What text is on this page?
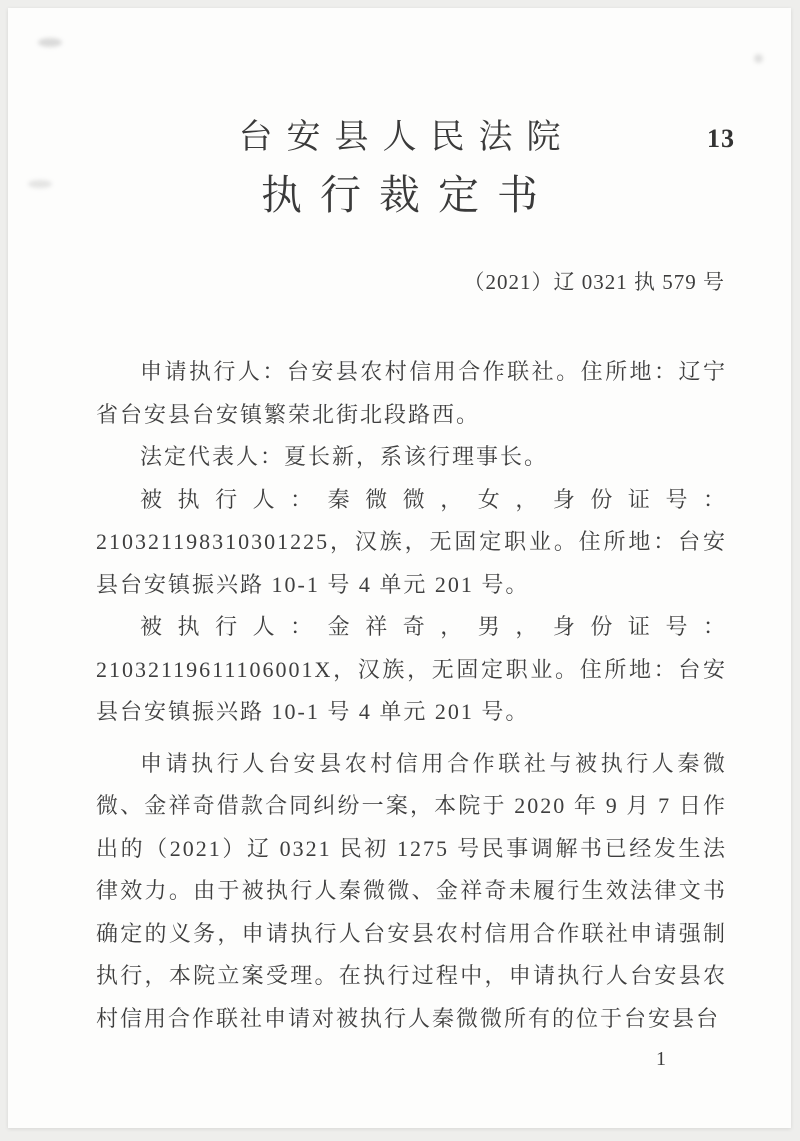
台安县人民法院	13
执行裁定书
（2021）辽 0321 执 579 号

申请执行人：台安县农村信用合作联社。住所地：辽宁省台安县台安镇繁荣北街北段路西。

法定代表人：夏长新，系该行理事长。

被执行人：秦微微，女，身份证号：210321198310301225，汉族，无固定职业。住所地：台安县台安镇振兴路 10-1 号 4 单元 201 号。

被执行人：金祥奇，男，身份证号：21032119611106001X，汉族，无固定职业。住所地：台安县台安镇振兴路 10-1 号 4 单元 201 号。

申请执行人台安县农村信用合作联社与被执行人秦微微、金祥奇借款合同纠纷一案，本院于 2020 年 9 月 7 日作出的（2021）辽 0321 民初 1275 号民事调解书已经发生法律效力。由于被执行人秦微微、金祥奇未履行生效法律文书确定的义务，申请执行人台安县农村信用合作联社申请强制执行，本院立案受理。在执行过程中，申请执行人台安县农村信用合作联社申请对被执行人秦微微所有的位于台安县台

1
